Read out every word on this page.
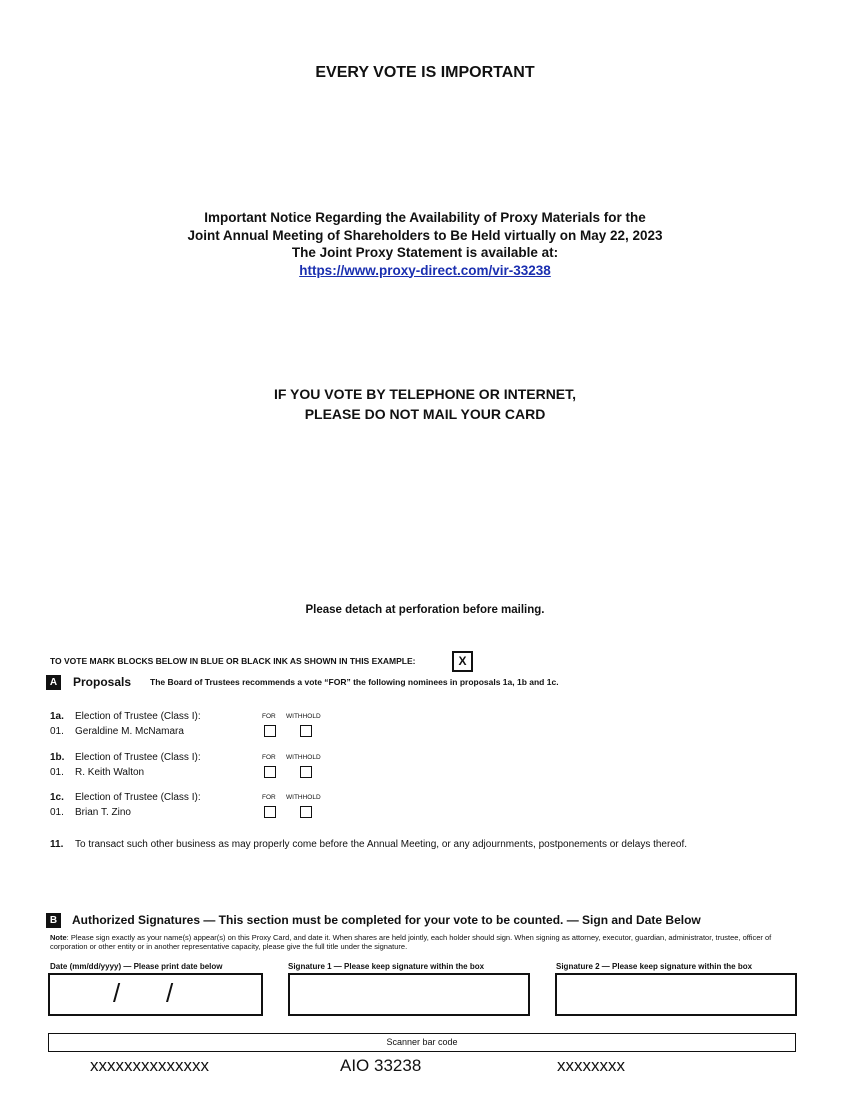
EVERY VOTE IS IMPORTANT
Important Notice Regarding the Availability of Proxy Materials for the
Joint Annual Meeting of Shareholders to Be Held virtually on May 22, 2023
The Joint Proxy Statement is available at:
https://www.proxy-direct.com/vir-33238
IF YOU VOTE BY TELEPHONE OR INTERNET,
PLEASE DO NOT MAIL YOUR CARD
Please detach at perforation before mailing.
TO VOTE MARK BLOCKS BELOW IN BLUE OR BLACK INK AS SHOWN IN THIS EXAMPLE:	X
A	Proposals The Board of Trustees recommends a vote “FOR” the following nominees in proposals 1a, 1b and 1c.
1a. Election of Trustee (Class I):
01. Geraldine M. McNamara
FOR WITHHOLD
1b. Election of Trustee (Class I):
01. R. Keith Walton
FOR WITHHOLD
1c. Election of Trustee (Class I):
01. Brian T. Zino
FOR WITHHOLD
11. To transact such other business as may properly come before the Annual Meeting, or any adjournments, postponements or delays thereof.
B	Authorized Signatures — This section must be completed for your vote to be counted. — Sign and Date Below
Note: Please sign exactly as your name(s) appear(s) on this Proxy Card, and date it. When shares are held jointly, each holder should sign. When signing as attorney, executor, guardian, administrator, trustee, officer of corporation or other entity or in another representative capacity, please give the full title under the signature.
Date (mm/dd/yyyy) — Please print date below	Signature 1 — Please keep signature within the box	Signature 2 — Please keep signature within the box
/ /
Scanner bar code
xxxxxxxxxxxxxx	AIO 33238	xxxxxxxx
